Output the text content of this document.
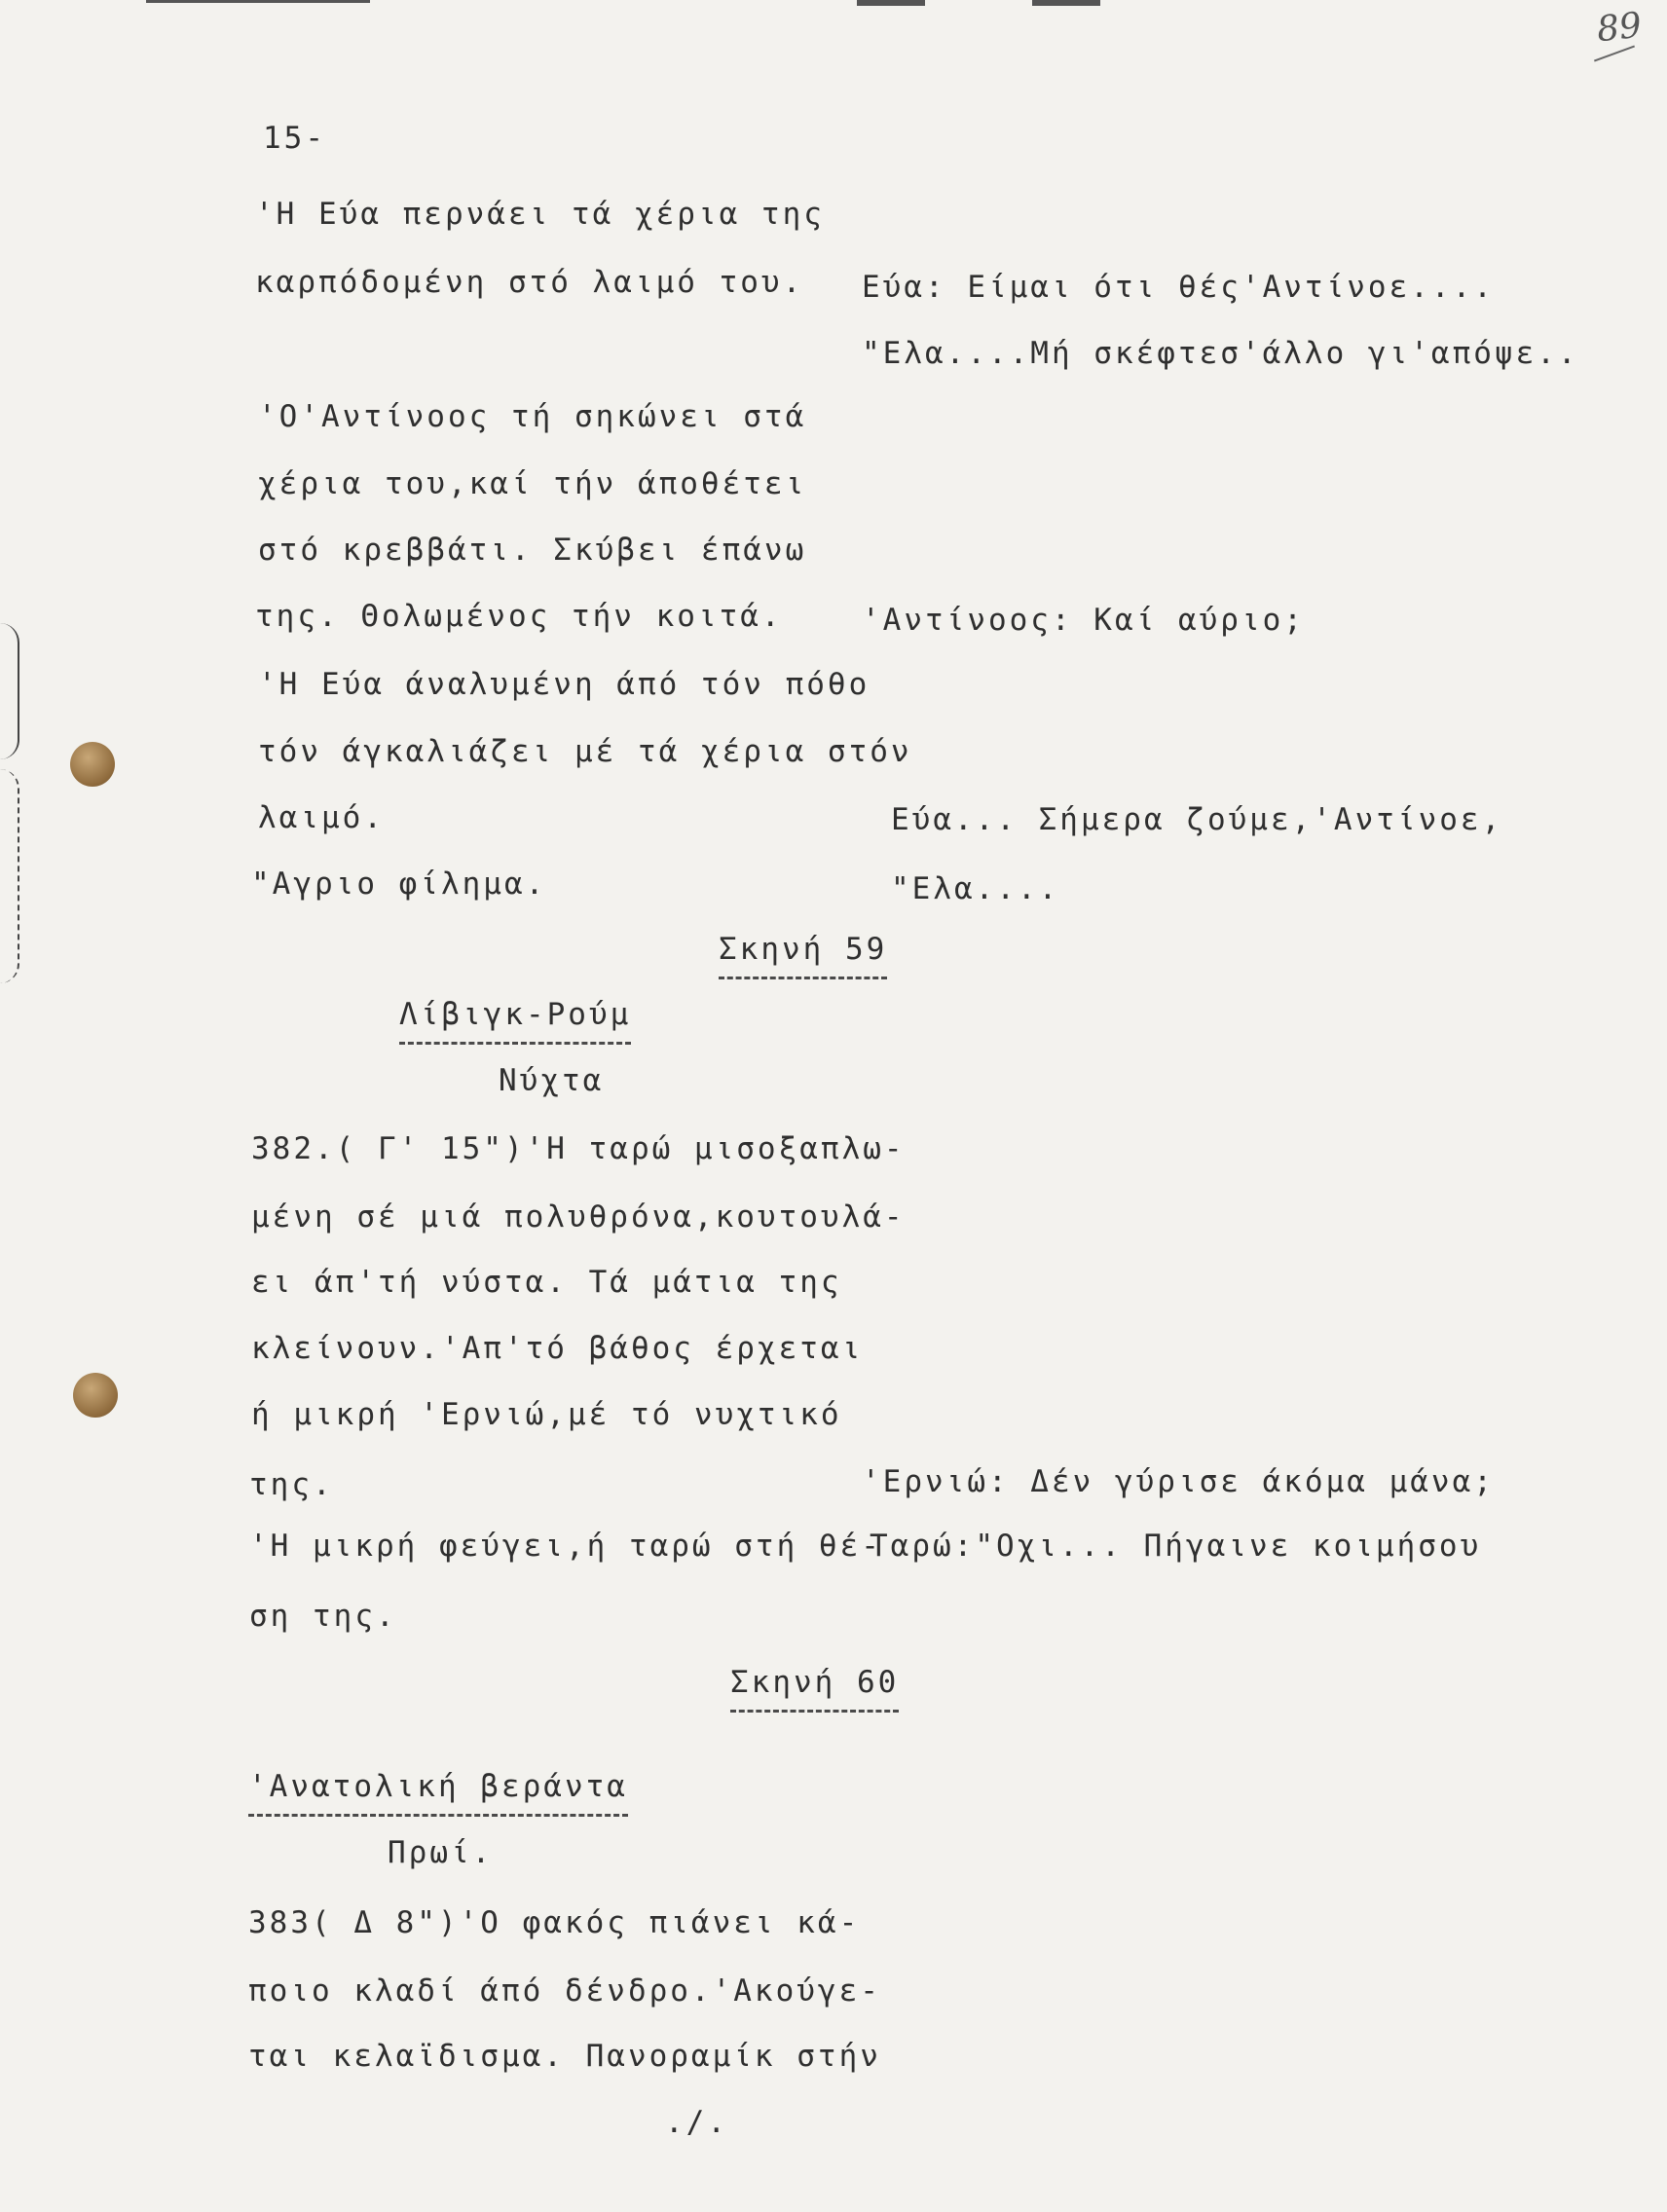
89
15-
'Η Εύα περνάει τά χέρια της
καρπόδομένη στό λαιμό του. Εύα: Είμαι ότι θές'Αντίνοε....
"Ελα....Μή σκέφτεσ'άλλο γι'απόψε..
'Ο'Αντίνοος τή σηκώνει στά
χέρια του,καί τήν άποθέτει
στό κρεββάτι. Σκύβει έπάνω
της. Θολωμένος τήν κοιτά.	'Αντίνοος: Καί αύριο;
'Η Εύα άναλυμένη άπό τόν πόθο
τόν άγκαλιάζει μέ τά χέρια στόν
λαιμό.	Εύα... Σήμερα ζούμε,'Αντίνοε,
"Αγριο φίλημα.	"Ελα....
Σκηνή 59
Λίβιγκ-Ρούμ
Νύχτα
382.( Γ' 15")'Η ταρώ μισοξαπλω-
μένη σέ μιά πολυθρόνα,κουτουλά-
ει άπ'τή νύστα. Τά μάτια της
κλείνουν.'Απ'τό βάθος έρχεται
ή μικρή 'Ερνιώ,μέ τό νυχτικό
της.	'Ερνιώ: Δέν γύρισε άκόμα μάνα;
'Η μικρή φεύγει,ή ταρώ στή θέ-
Ταρώ:"Οχι... Πήγαινε κοιμήσου
ση της.
Σκηνή 60
'Ανατολική βεράντα
Πρωί.
383( Δ 8")'Ο φακός πιάνει κά-
ποιο κλαδί άπό δένδρο.'Ακούγε-
ται κελαϊδισμα. Πανοραμίκ στήν
./.
